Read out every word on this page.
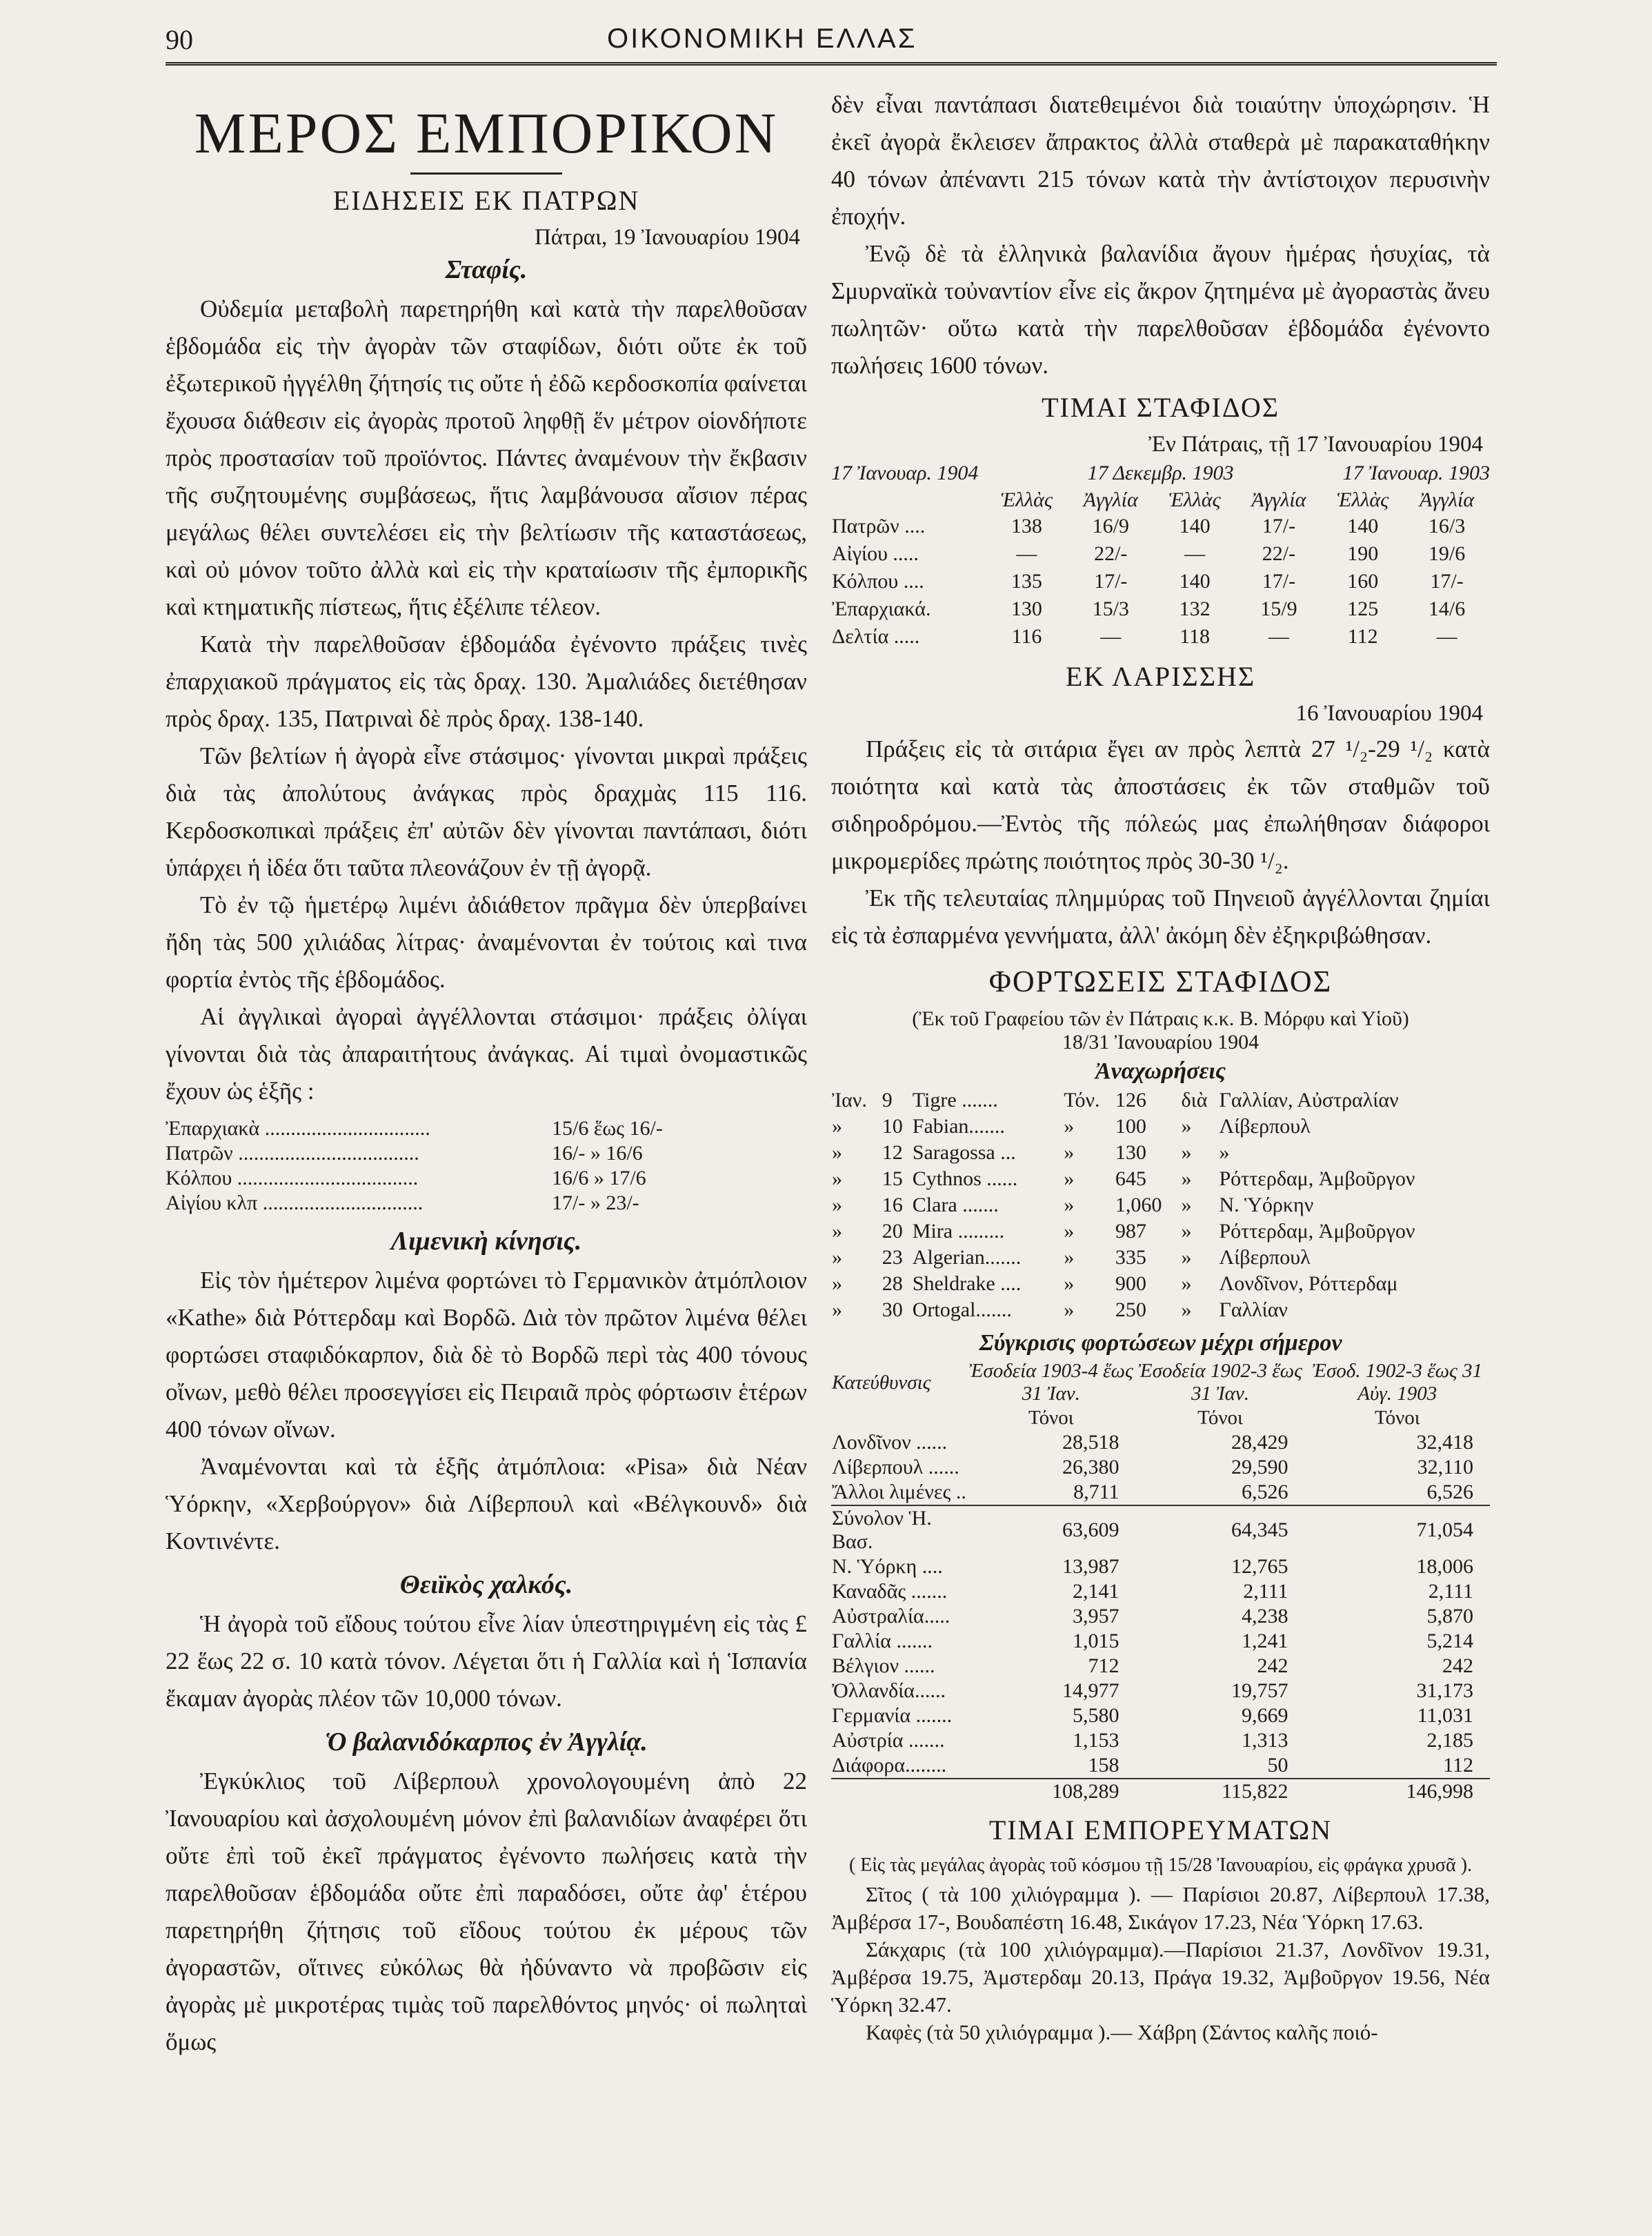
90	ΟΙΚΟΝΟΜΙΚΗ ΕΛΛΑΣ
ΜΕΡΟΣ ΕΜΠΟΡΙΚΟΝ
ΕΙΔΗΣΕΙΣ ΕΚ ΠΑΤΡΩΝ
Πάτραι, 19 Ἰανουαρίου 1904
Σταφίς.

Οὐδεμία μεταβολὴ παρετηρήθη καὶ κατὰ τὴν παρελθοῦσαν ἑβδομάδα εἰς τὴν ἀγορὰν τῶν σταφίδων, διότι οὔτε ἐκ τοῦ ἐξωτερικοῦ ἠγγέλθη ζήτησίς τις οὔτε ἡ ἐδῶ κερδοσκοπία φαίνεται ἔχουσα διάθεσιν εἰς ἀγορὰς προτοῦ ληφθῇ ἕν μέτρον οἱονδήποτε πρὸς προστασίαν τοῦ προϊόντος. Πάντες ἀναμένουν τὴν ἔκβασιν τῆς συζητουμένης συμβάσεως, ἥτις λαμβάνουσα αἴσιον πέρας μεγάλως θέλει συντελέσει εἰς τὴν βελτίωσιν τῆς καταστάσεως, καὶ οὐ μόνον τοῦτο ἀλλὰ καὶ εἰς τὴν κραταίωσιν τῆς ἐμπορικῆς καὶ κτηματικῆς πίστεως, ἥτις ἐξέλιπε τέλεον.

Κατὰ τὴν παρελθοῦσαν ἑβδομάδα ἐγένοντο πράξεις τινὲς ἐπαρχιακοῦ πράγματος εἰς τὰς δραχ. 130. Ἀμαλιάδες διετέθησαν πρὸς δραχ. 135, Πατριναὶ δὲ πρὸς δραχ. 138-140.

Τῶν βελτίων ἡ ἀγορὰ εἶνε στάσιμος· γίνονται μικραὶ πράξεις διὰ τὰς ἀπολύτους ἀνάγκας πρὸς δραχμὰς 115 116. Κερδοσκοπικαὶ πράξεις ἐπ' αὐτῶν δὲν γίνονται παντάπασι, διότι ὑπάρχει ἡ ἰδέα ὅτι ταῦτα πλεονάζουν ἐν τῇ ἀγορᾷ.

Τὸ ἐν τῷ ἡμετέρῳ λιμένι ἀδιάθετον πρᾶγμα δὲν ὑπερβαίνει ἤδη τὰς 500 χιλιάδας λίτρας· ἀναμένονται ἐν τούτοις καὶ τινα φορτία ἐντὸς τῆς ἑβδομάδος.

Αἱ ἀγγλικαὶ ἀγοραὶ ἀγγέλλονται στάσιμοι· πράξεις ὀλίγαι γίνονται διὰ τὰς ἀπαραιτήτους ἀνάγκας. Αἱ τιμαὶ ὀνομαστικῶς ἔχουν ὡς ἑξῆς :

Ἐπαρχιακὰ ................................	15/6 ἕως 16/-
Πατρῶν ...................................	16/- » 16/6
Κόλπου ...................................	16/6 » 17/6
Αἰγίου κλπ ...............................	17/- » 23/-
Λιμενικὴ κίνησις.

Εἰς τὸν ἡμέτερον λιμένα φορτώνει τὸ Γερμανικὸν ἀτμόπλοιον «Kathe» διὰ Ρόττερδαμ καὶ Βορδῶ. Διὰ τὸν πρῶτον λιμένα θέλει φορτώσει σταφιδόκαρπον, διὰ δὲ τὸ Βορδῶ περὶ τὰς 400 τόνους οἴνων, μεθὸ θέλει προσεγγίσει εἰς Πειραιᾶ πρὸς φόρτωσιν ἑτέρων 400 τόνων οἴνων.

Ἀναμένονται καὶ τὰ ἑξῆς ἀτμόπλοια: «Pisa» διὰ Νέαν Ὑόρκην, «Χερβούργον» διὰ Λίβερπουλ καὶ «Βέλγκουνδ» διὰ Κοντινέντε.

Θειϊκὸς χαλκός.

Ἡ ἀγορὰ τοῦ εἴδους τούτου εἶνε λίαν ὑπεστηριγμένη εἰς τὰς £ 22 ἕως 22 σ. 10 κατὰ τόνον. Λέγεται ὅτι ἡ Γαλλία καὶ ἡ Ἱσπανία ἔκαμαν ἀγορὰς πλέον τῶν 10,000 τόνων.

Ὁ βαλανιδόκαρπος ἐν Ἀγγλίᾳ.

Ἐγκύκλιος τοῦ Λίβερπουλ χρονολογουμένη ἀπὸ 22 Ἰανουαρίου καὶ ἀσχολουμένη μόνον ἐπὶ βαλανιδίων ἀναφέρει ὅτι οὔτε ἐπὶ τοῦ ἐκεῖ πράγματος ἐγένοντο πωλήσεις κατὰ τὴν παρελθοῦσαν ἑβδομάδα οὔτε ἐπὶ παραδόσει, οὔτε ἀφ' ἑτέρου παρετηρήθη ζήτησις τοῦ εἴδους τούτου ἐκ μέρους τῶν ἀγοραστῶν, οἵτινες εὐκόλως θὰ ἠδύναντο νὰ προβῶσιν εἰς ἀγορὰς μὲ μικροτέρας τιμὰς τοῦ παρελθόντος μηνός· οἱ πωληταὶ ὅμως

δὲν εἶναι παντάπασι διατεθειμένοι διὰ τοιαύτην ὑποχώρησιν. Ἡ ἐκεῖ ἀγορὰ ἔκλεισεν ἄπρακτος ἀλλὰ σταθερὰ μὲ παρακαταθήκην 40 τόνων ἀπέναντι 215 τόνων κατὰ τὴν ἀντίστοιχον περυσινὴν ἐποχήν.

Ἐνῷ δὲ τὰ ἑλληνικὰ βαλανίδια ἄγουν ἡμέρας ἡσυχίας, τὰ Σμυρναϊκὰ τοὐναντίον εἶνε εἰς ἄκρον ζητημένα μὲ ἀγοραστὰς ἄνευ πωλητῶν· οὕτω κατὰ τὴν παρελθοῦσαν ἑβδομάδα ἐγένοντο πωλήσεις 1600 τόνων.

ΤΙΜΑΙ ΣΤΑΦΙΔΟΣ
Ἐν Πάτραις, τῇ 17 Ἰανουαρίου 1904
17 Ἰανουαρ. 1904	17 Δεκεμβρ. 1903	17 Ἰανουαρ. 1903
	Ἑλλὰς	Ἀγγλία	Ἑλλὰς	Ἀγγλία	Ἑλλὰς	Ἀγγλία
Πατρῶν ....	138	16/9	140	17/-	140	16/3
Αἰγίου .....	—	22/-	—	22/-	190	19/6
Κόλπου ....	135	17/-	140	17/-	160	17/-
Ἐπαρχιακά.	130	15/3	132	15/9	125	14/6
Δελτία .....	116	—	118	—	112	—
ΕΚ ΛΑΡΙΣΣΗΣ
16 Ἰανουαρίου 1904

Πράξεις εἰς τὰ σιτάρια ἔγει αν πρὸς λεπτὰ 27 ¹/₂-29 ¹/₂ κατὰ ποιότητα καὶ κατὰ τὰς ἀποστάσεις ἐκ τῶν σταθμῶν τοῦ σιδηροδρόμου.—Ἐντὸς τῆς πόλεώς μας ἐπωλήθησαν διάφοροι μικρομερίδες πρώτης ποιότητος πρὸς 30-30 ¹/₂.

Ἐκ τῆς τελευταίας πλημμύρας τοῦ Πηνειοῦ ἀγγέλλονται ζημίαι εἰς τὰ ἐσπαρμένα γεννήματα, ἀλλ' ἀκόμη δὲν ἐξηκριβώθησαν.

ΦΟΡΤΩΣΕΙΣ ΣΤΑΦΙΔΟΣ
(Ἐκ τοῦ Γραφείου τῶν ἐν Πάτραις κ.κ. Β. Μόρφυ καὶ Υἱοῦ)
18/31 Ἰανουαρίου 1904
Ἀναχωρήσεις
Ἰαν.	9	Tigre .......	Τόν.	126	διὰ	Γαλλίαν, Αὐστραλίαν
»	10	Fabian.......	»	100	»	Λίβερπουλ
»	12	Saragossa ...	»	130	»	»
»	15	Cythnos ......	»	645	»	Ρόττερδαμ, Ἀμβοῦργον
»	16	Clara .......	»	1,060	»	Ν. Ὑόρκην
»	20	Mira .........	»	987	»	Ρόττερδαμ, Ἀμβοῦργον
»	23	Algerian.......	»	335	»	Λίβερπουλ
»	28	Sheldrake ....	»	900	»	Λονδῖνον, Ρόττερδαμ
»	30	Ortogal.......	»	250	»	Γαλλίαν
Σύγκρισις φορτώσεων μέχρι σήμερον
Κατεύθυνσις	Ἐσοδεία 1903-4 ἕως 31 Ἰαν.	Ἐσοδεία 1902-3 ἕως 31 Ἰαν.	Ἐσοδ. 1902-3 ἕως 31 Αὐγ. 1903
	Τόνοι	Τόνοι	Τόνοι
Λονδῖνον ......	28,518	28,429	32,418
Λίβερπουλ ......	26,380	29,590	32,110
Ἄλλοι λιμένες ..	8,711	6,526	6,526
Σύνολον Ἡ. Βασ.	63,609	64,345	71,054
Ν. Ὑόρκη ....	13,987	12,765	18,006
Καναδᾶς .......	2,141	2,111	2,111
Αὐστραλία.....	3,957	4,238	5,870
Γαλλία .......	1,015	1,241	5,214
Βέλγιον ......	712	242	242
Ὀλλανδία......	14,977	19,757	31,173
Γερμανία .......	5,580	9,669	11,031
Αὐστρία .......	1,153	1,313	2,185
Διάφορα........	158	50	112
	108,289	115,822	146,998
ΤΙΜΑΙ ΕΜΠΟΡΕΥΜΑΤΩΝ
( Εἰς τὰς μεγάλας ἀγορὰς τοῦ κόσμου τῇ 15/28 Ἰανουαρίου, εἰς φράγκα χρυσᾶ ).

Σῖτος ( τὰ 100 χιλιόγραμμα ). — Παρίσιοι 20.87, Λίβερπουλ 17.38, Ἀμβέρσα 17-, Βουδαπέστη 16.48, Σικάγον 17.23, Νέα Ὑόρκη 17.63.

Σάκχαρις (τὰ 100 χιλιόγραμμα).—Παρίσιοι 21.37, Λονδῖνον 19.31, Ἀμβέρσα 19.75, Ἀμστερδαμ 20.13, Πράγα 19.32, Ἀμβοῦργον 19.56, Νέα Ὑόρκη 32.47.

Καφὲς (τὰ 50 χιλιόγραμμα ).— Χάβρη (Σάντος καλῆς ποιό-
